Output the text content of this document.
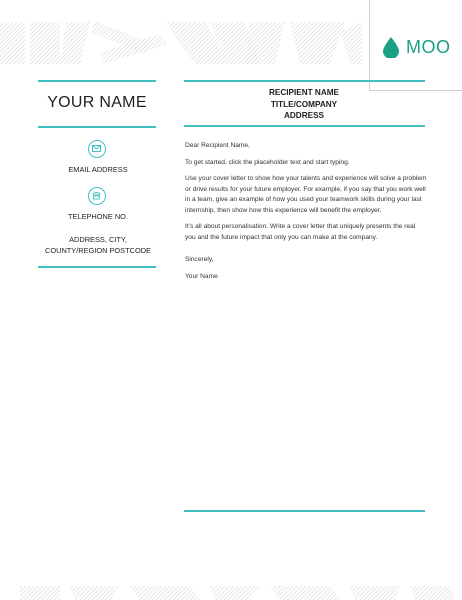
MOO
YOUR NAME
EMAIL ADDRESS
TELEPHONE NO.
ADDRESS, CITY,
COUNTY/REGION POSTCODE
RECIPIENT NAME
TITLE/COMPANY
ADDRESS

Dear Recipient Name,

To get started, click the placeholder text and start typing.

Use your cover letter to show how your talents and experience will solve a problem or drive results for your future employer. For example, if you say that you work well in a team, give an example of how you used your teamwork skills during your last internship, then show how this experience will benefit the employer.

It’s all about personalisation. Write a cover letter that uniquely presents the real you and the future impact that only you can make at the company.

Sincerely,

Your Name
